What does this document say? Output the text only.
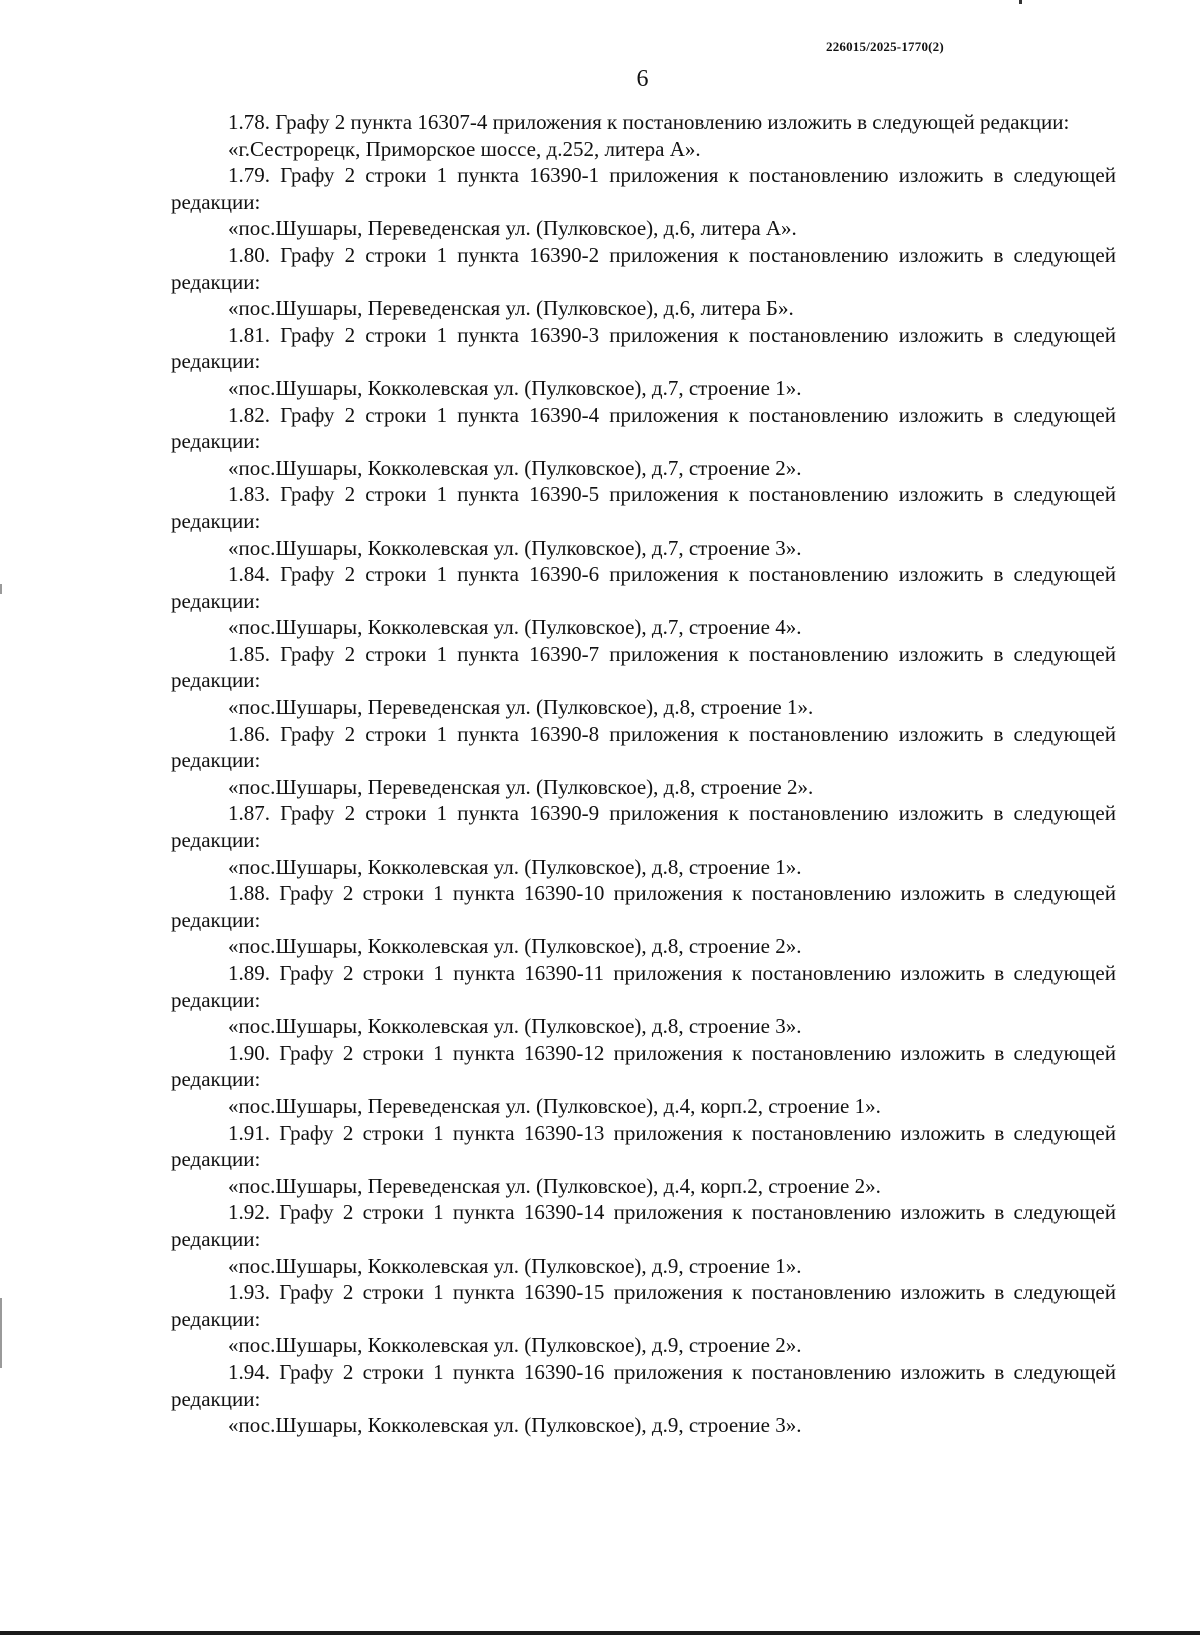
226015/2025-1770(2)
6

1.78. Графу 2 пункта 16307-4 приложения к постановлению изложить в следующей редакции:

«г.Сестрорецк, Приморское шоссе, д.252, литера А».

1.79. Графу 2 строки 1 пункта 16390-1 приложения к постановлению изложить в следующей редакции:

«пос.Шушары, Переведенская ул. (Пулковское), д.6, литера А».

1.80. Графу 2 строки 1 пункта 16390-2 приложения к постановлению изложить в следующей редакции:

«пос.Шушары, Переведенская ул. (Пулковское), д.6, литера Б».

1.81. Графу 2 строки 1 пункта 16390-3 приложения к постановлению изложить в следующей редакции:

«пос.Шушары, Кокколевская ул. (Пулковское), д.7, строение 1».

1.82. Графу 2 строки 1 пункта 16390-4 приложения к постановлению изложить в следующей редакции:

«пос.Шушары, Кокколевская ул. (Пулковское), д.7, строение 2».

1.83. Графу 2 строки 1 пункта 16390-5 приложения к постановлению изложить в следующей редакции:

«пос.Шушары, Кокколевская ул. (Пулковское), д.7, строение 3».

1.84. Графу 2 строки 1 пункта 16390-6 приложения к постановлению изложить в следующей редакции:

«пос.Шушары, Кокколевская ул. (Пулковское), д.7, строение 4».

1.85. Графу 2 строки 1 пункта 16390-7 приложения к постановлению изложить в следующей редакции:

«пос.Шушары, Переведенская ул. (Пулковское), д.8, строение 1».

1.86. Графу 2 строки 1 пункта 16390-8 приложения к постановлению изложить в следующей редакции:

«пос.Шушары, Переведенская ул. (Пулковское), д.8, строение 2».

1.87. Графу 2 строки 1 пункта 16390-9 приложения к постановлению изложить в следующей редакции:

«пос.Шушары, Кокколевская ул. (Пулковское), д.8, строение 1».

1.88. Графу 2 строки 1 пункта 16390-10 приложения к постановлению изложить в следующей редакции:

«пос.Шушары, Кокколевская ул. (Пулковское), д.8, строение 2».

1.89. Графу 2 строки 1 пункта 16390-11 приложения к постановлению изложить в следующей редакции:

«пос.Шушары, Кокколевская ул. (Пулковское), д.8, строение 3».

1.90. Графу 2 строки 1 пункта 16390-12 приложения к постановлению изложить в следующей редакции:

«пос.Шушары, Переведенская ул. (Пулковское), д.4, корп.2, строение 1».

1.91. Графу 2 строки 1 пункта 16390-13 приложения к постановлению изложить в следующей редакции:

«пос.Шушары, Переведенская ул. (Пулковское), д.4, корп.2, строение 2».

1.92. Графу 2 строки 1 пункта 16390-14 приложения к постановлению изложить в следующей редакции:

«пос.Шушары, Кокколевская ул. (Пулковское), д.9, строение 1».

1.93. Графу 2 строки 1 пункта 16390-15 приложения к постановлению изложить в следующей редакции:

«пос.Шушары, Кокколевская ул. (Пулковское), д.9, строение 2».

1.94. Графу 2 строки 1 пункта 16390-16 приложения к постановлению изложить в следующей редакции:

«пос.Шушары, Кокколевская ул. (Пулковское), д.9, строение 3».
